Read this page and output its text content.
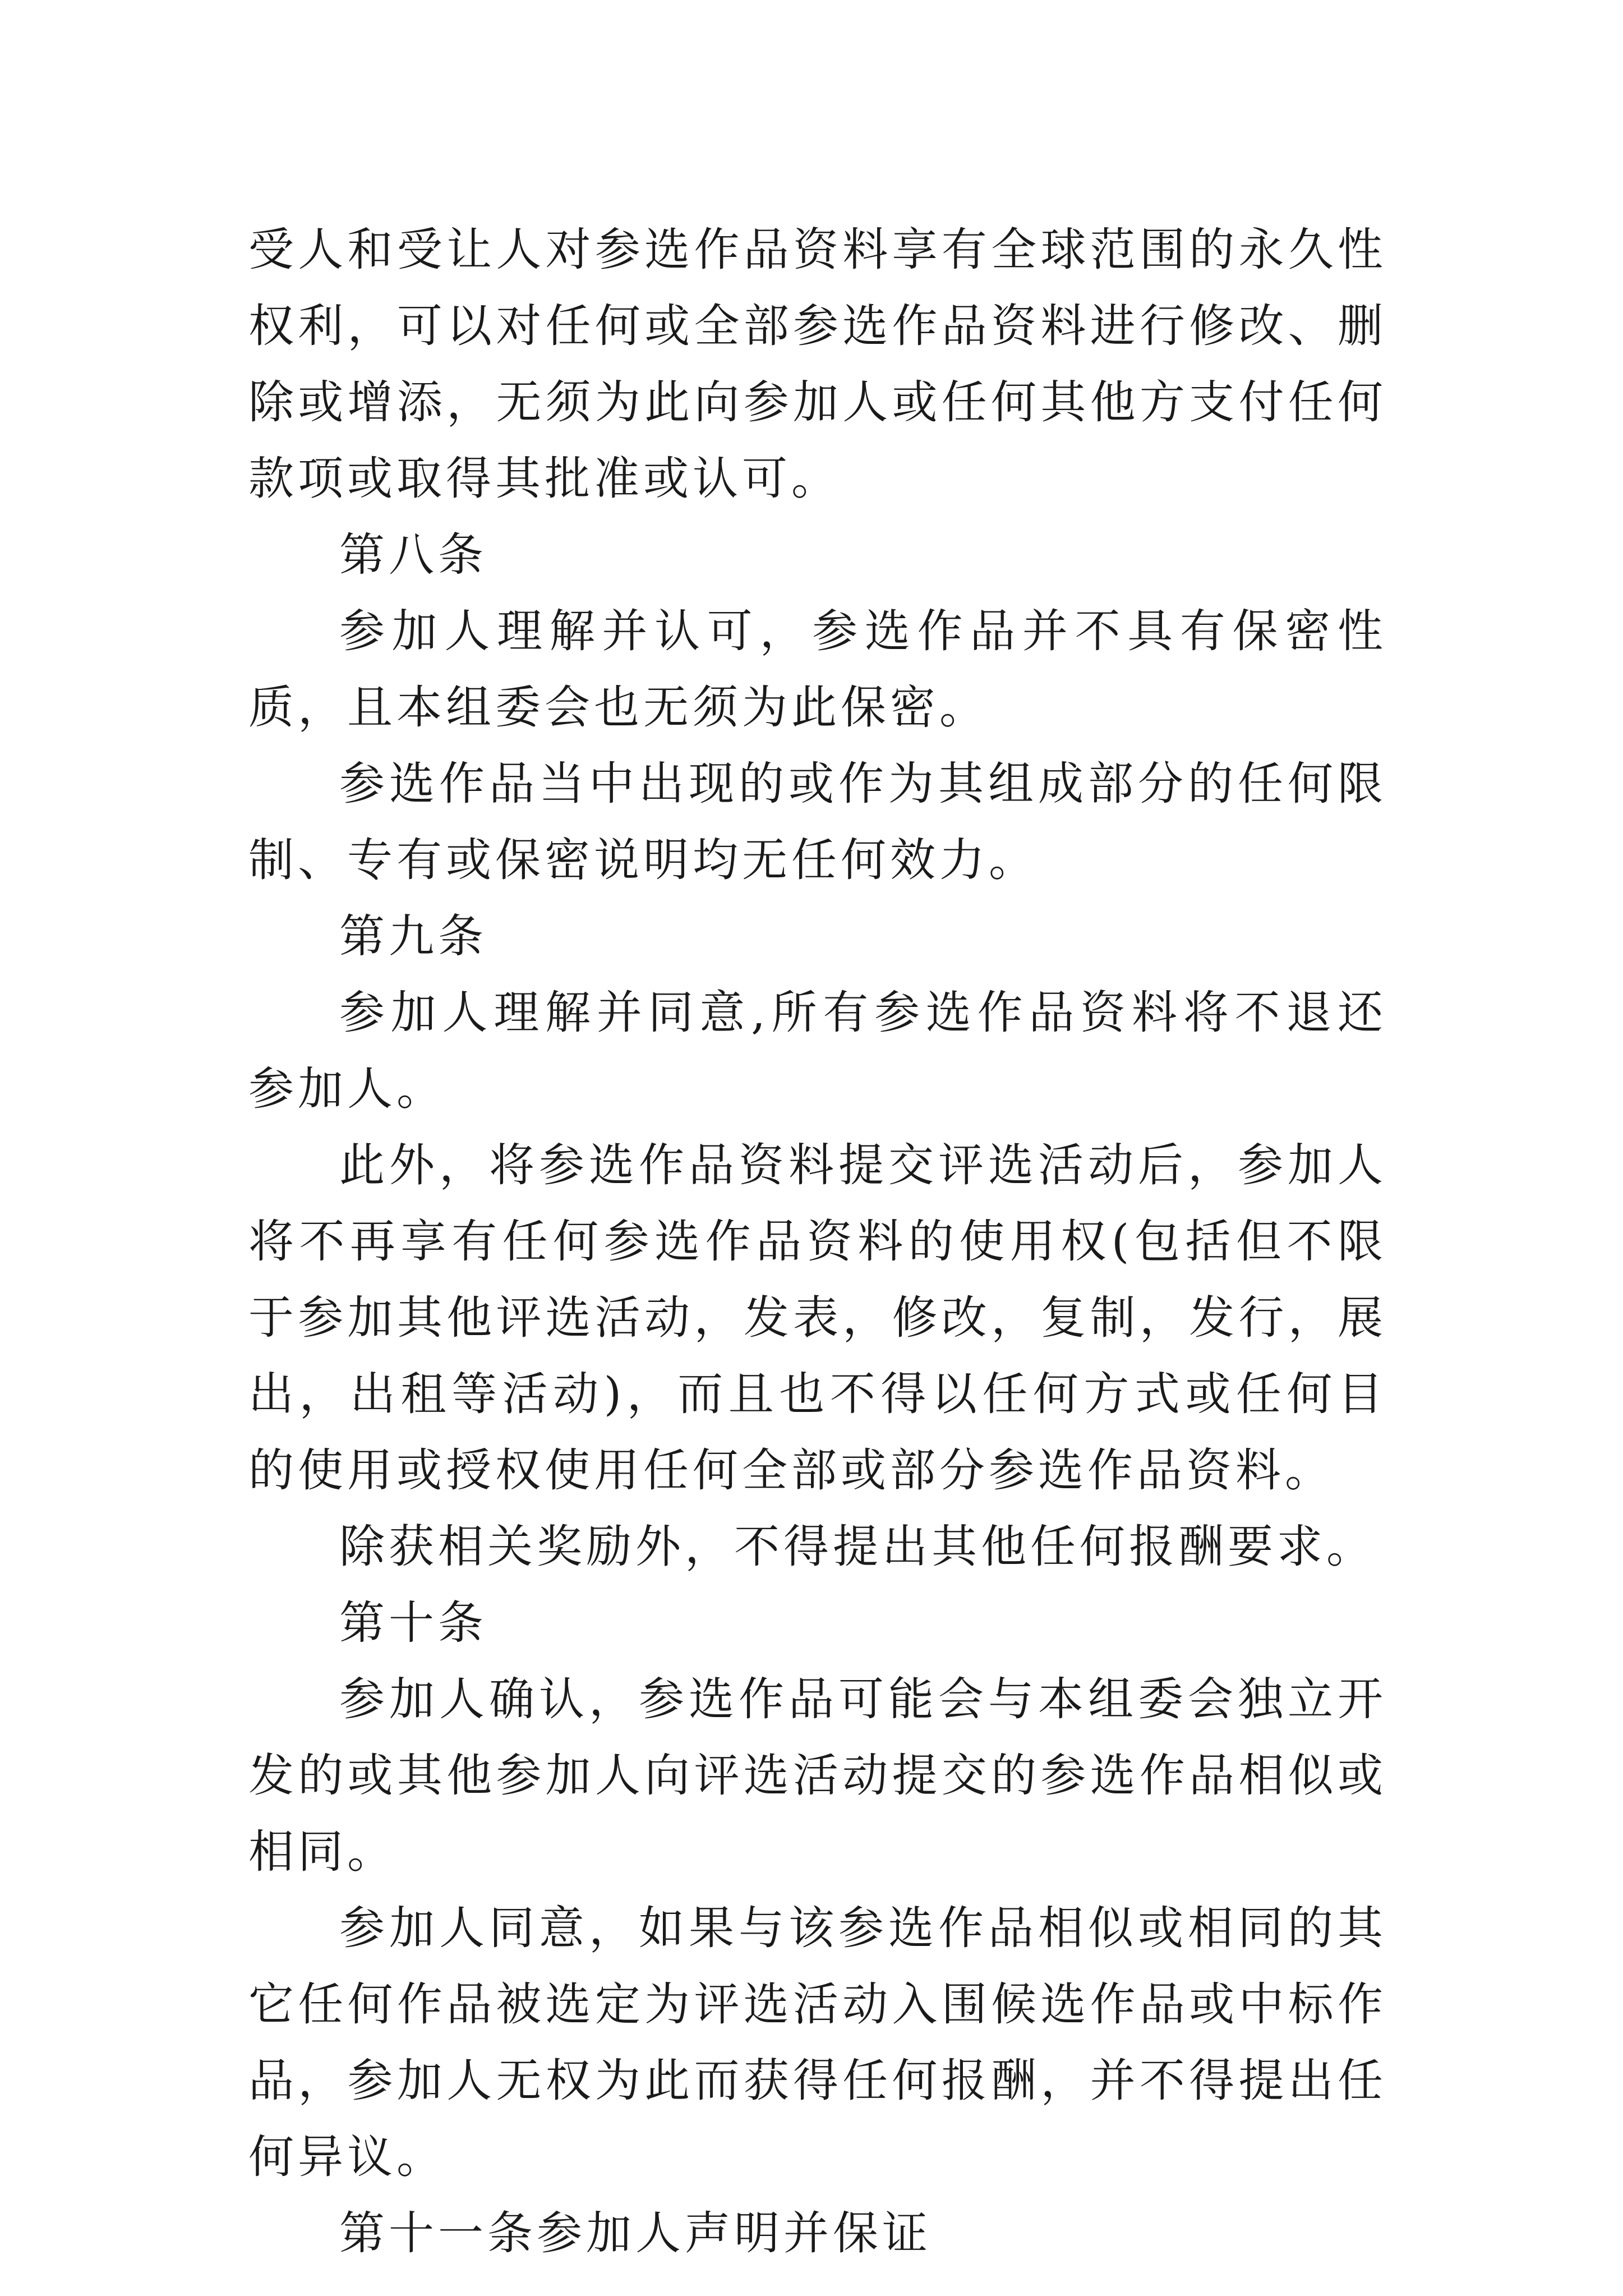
受人和受让人对参选作品资料享有全球范围的永久性权利，可以对任何或全部参选作品资料进行修改、删除或增添，无须为此向参加人或任何其他方支付任何款项或取得其批准或认可。

第八条

参加人理解并认可，参选作品并不具有保密性质，且本组委会也无须为此保密。

参选作品当中出现的或作为其组成部分的任何限制、专有或保密说明均无任何效力。

第九条

参加人理解并同意,所有参选作品资料将不退还参加人。

此外，将参选作品资料提交评选活动后，参加人将不再享有任何参选作品资料的使用权(包括但不限于参加其他评选活动，发表，修改，复制，发行，展出，出租等活动)，而且也不得以任何方式或任何目的使用或授权使用任何全部或部分参选作品资料。

除获相关奖励外，不得提出其他任何报酬要求。

第十条

参加人确认，参选作品可能会与本组委会独立开发的或其他参加人向评选活动提交的参选作品相似或相同。

参加人同意，如果与该参选作品相似或相同的其它任何作品被选定为评选活动入围候选作品或中标作品，参加人无权为此而获得任何报酬，并不得提出任何异议。

第十一条参加人声明并保证
